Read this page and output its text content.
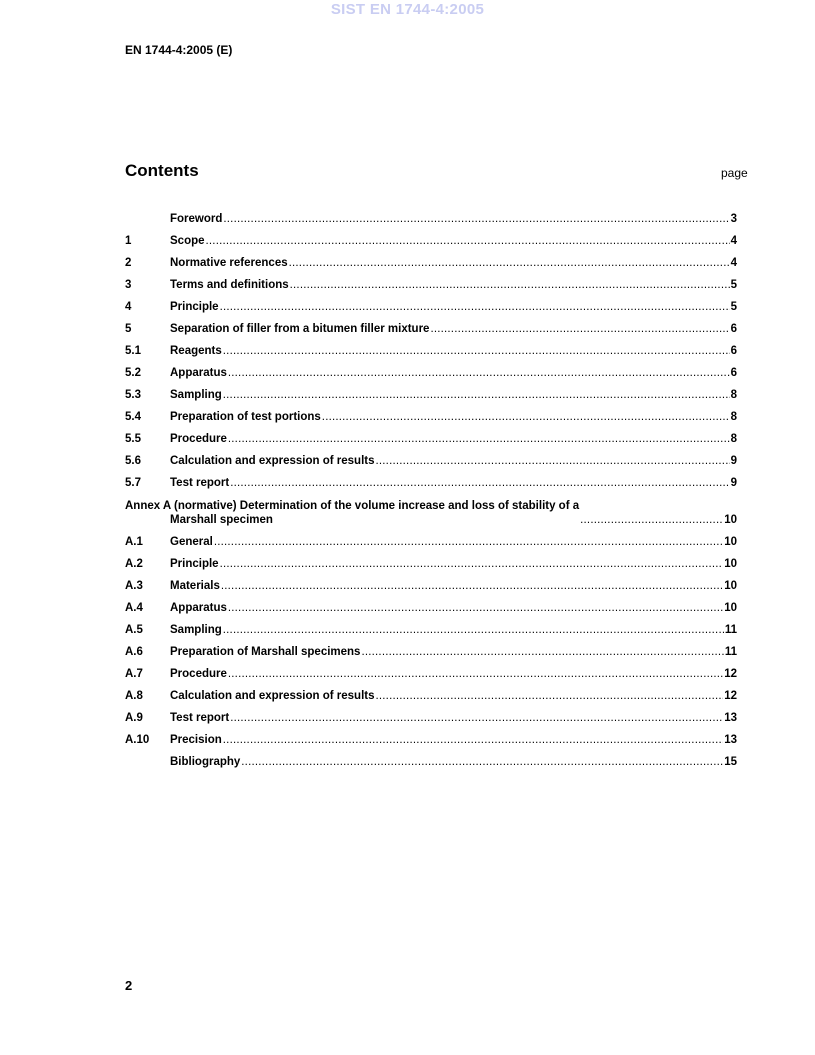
SIST EN 1744-4:2005
EN 1744-4:2005 (E)
Contents	page
Foreword .....	3
1	Scope .....	4
2	Normative references .....	4
3	Terms and definitions .....	5
4	Principle .....	5
5	Separation of filler from a bitumen filler mixture .....	6
5.1	Reagents .....	6
5.2	Apparatus .....	6
5.3	Sampling .....	8
5.4	Preparation of test portions .....	8
5.5	Procedure .....	8
5.6	Calculation and expression of results .....	9
5.7	Test report .....	9
Annex A (normative) Determination of the volume increase and loss of stability of a
Marshall specimen .....	10
A.1	General .....	10
A.2	Principle .....	10
A.3	Materials .....	10
A.4	Apparatus .....	10
A.5	Sampling .....	11
A.6	Preparation of Marshall specimens .....	11
A.7	Procedure .....	12
A.8	Calculation and expression of results .....	12
A.9	Test report .....	13
A.10	Precision .....	13
Bibliography .....	15
2
